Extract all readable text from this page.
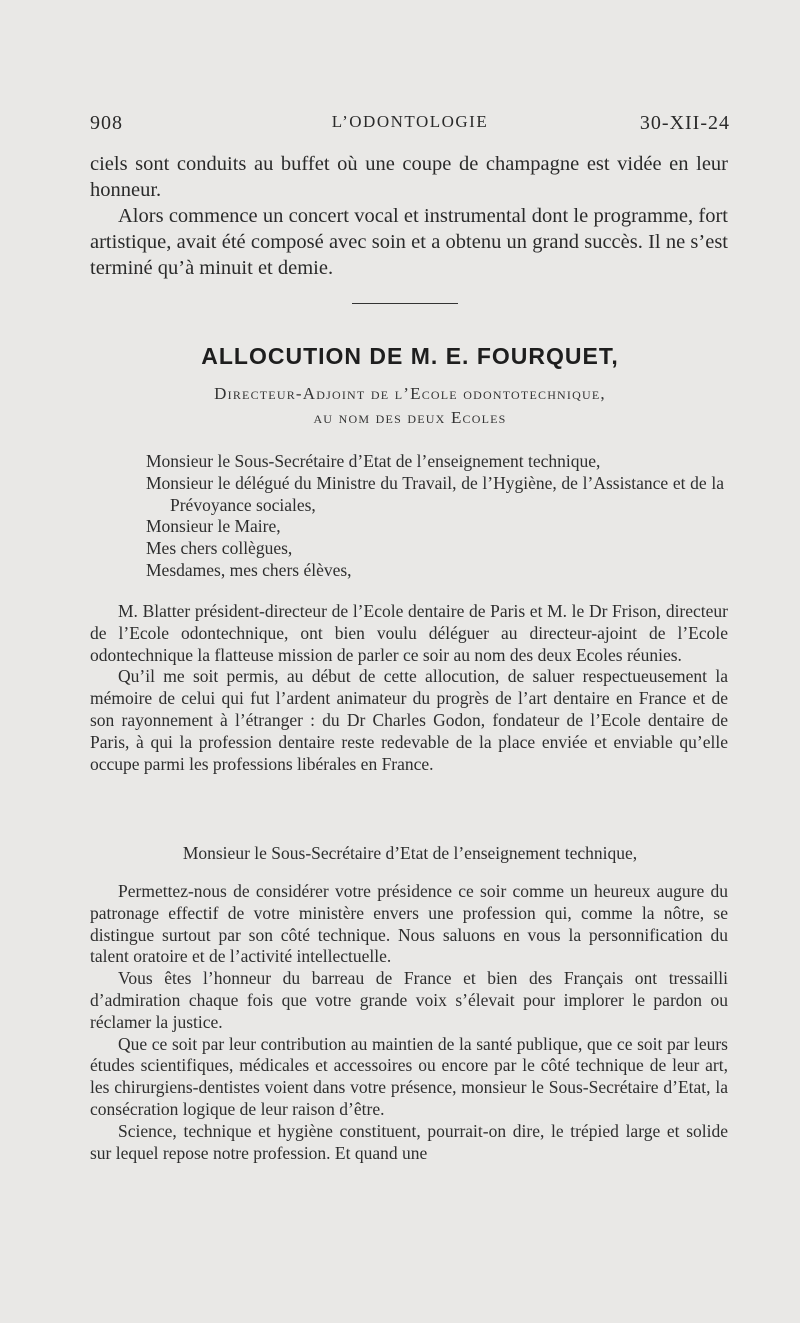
908	L’ODONTOLOGIE	30-XII-24

ciels sont conduits au buffet où une coupe de champagne est vidée en leur honneur.

Alors commence un concert vocal et instrumental dont le programme, fort artistique, avait été composé avec soin et a obtenu un grand succès. Il ne s’est terminé qu’à minuit et demie.

ALLOCUTION DE M. E. FOURQUET,
Directeur-Adjoint de l’Ecole odontotechnique,
au nom des deux Ecoles

Monsieur le Sous-Secrétaire d’Etat de l’enseignement technique,

Monsieur le délégué du Ministre du Travail, de l’Hygiène, de l’Assistance et de la Prévoyance sociales,

Monsieur le Maire,

Mes chers collègues,

Mesdames, mes chers élèves,

M. Blatter président-directeur de l’Ecole dentaire de Paris et M. le Dr Frison, directeur de l’Ecole odontechnique, ont bien voulu déléguer au directeur-ajoint de l’Ecole odontechnique la flatteuse mission de parler ce soir au nom des deux Ecoles réunies.

Qu’il me soit permis, au début de cette allocution, de saluer respectueusement la mémoire de celui qui fut l’ardent animateur du progrès de l’art dentaire en France et de son rayonnement à l’étranger : du Dr Charles Godon, fondateur de l’Ecole dentaire de Paris, à qui la profession dentaire reste redevable de la place enviée et enviable qu’elle occupe parmi les professions libérales en France.

Monsieur le Sous-Secrétaire d’Etat de l’enseignement technique,

Permettez-nous de considérer votre présidence ce soir comme un heureux augure du patronage effectif de votre ministère envers une profession qui, comme la nôtre, se distingue surtout par son côté technique. Nous saluons en vous la personnification du talent oratoire et de l’activité intellectuelle.

Vous êtes l’honneur du barreau de France et bien des Français ont tressailli d’admiration chaque fois que votre grande voix s’élevait pour implorer le pardon ou réclamer la justice.

Que ce soit par leur contribution au maintien de la santé publique, que ce soit par leurs études scientifiques, médicales et accessoires ou encore par le côté technique de leur art, les chirurgiens-dentistes voient dans votre présence, monsieur le Sous-Secrétaire d’Etat, la consécration logique de leur raison d’être.

Science, technique et hygiène constituent, pourrait-on dire, le trépied large et solide sur lequel repose notre profession. Et quand une
